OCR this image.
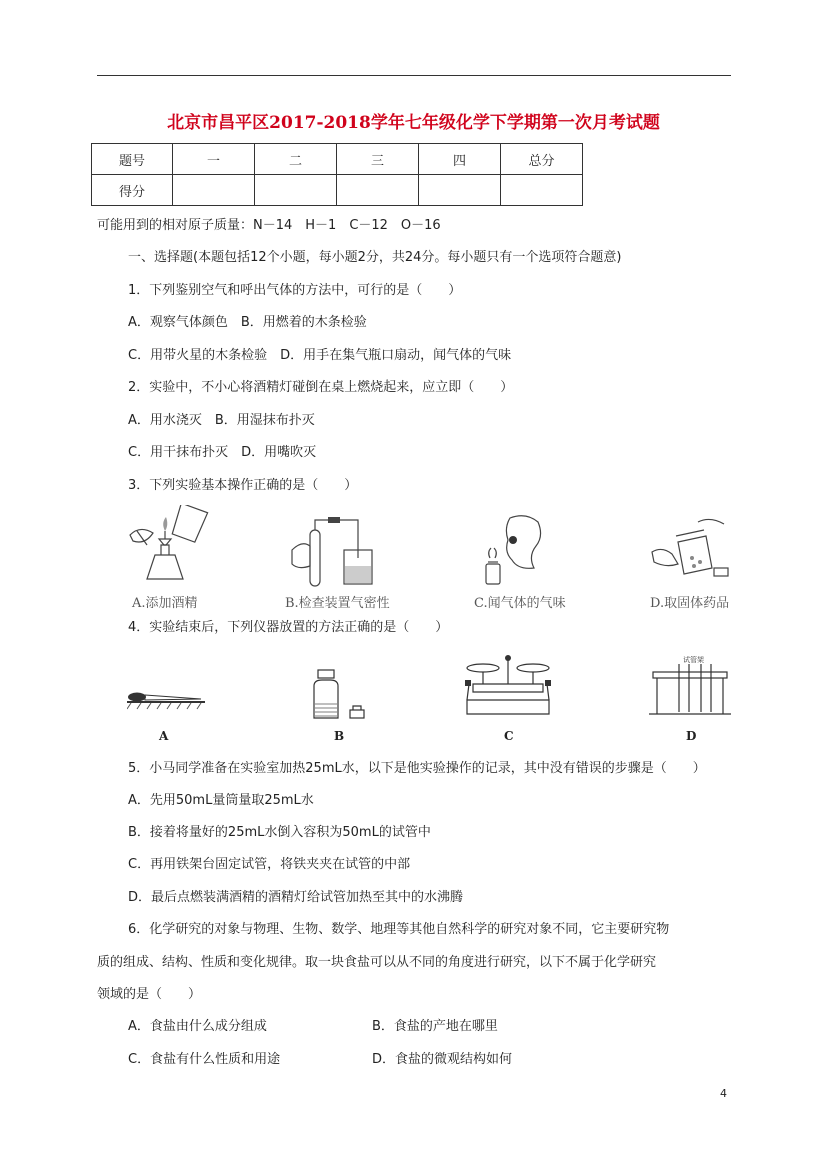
北京市昌平区2017-2018学年七年级化学下学期第一次月考试题
题号	一	二	三	四	总分
得分					
可能用到的相对原子质量：N－14　H－1　C－12　O－16
一、选择题(本题包括12个小题，每小题2分，共24分。每小题只有一个选项符合题意)
1．下列鉴别空气和呼出气体的方法中，可行的是（　　）
A．观察气体颜色　B．用燃着的木条检验
C．用带火星的木条检验　D．用手在集气瓶口扇动，闻气体的气味
2．实验中，不小心将酒精灯碰倒在桌上燃烧起来，应立即（　　）
A．用水浇灭　B．用湿抹布扑灭
C．用干抹布扑灭　D．用嘴吹灭
3．下列实验基本操作正确的是（　　）
A.添加酒精	B.检查装置气密性	C.闻气体的气味	D.取固体药品
4．实验结束后，下列仪器放置的方法正确的是（　　）
试管架
A	B	C	D
5．小马同学准备在实验室加热25mL水，以下是他实验操作的记录，其中没有错误的步骤是（　　）
A．先用50mL量筒量取25mL水
B．接着将量好的25mL水倒入容积为50mL的试管中
C．再用铁架台固定试管，将铁夹夹在试管的中部
D．最后点燃装满酒精的酒精灯给试管加热至其中的水沸腾
6．化学研究的对象与物理、生物、数学、地理等其他自然科学的研究对象不同，它主要研究物
质的组成、结构、性质和变化规律。取一块食盐可以从不同的角度进行研究，以下不属于化学研究
领域的是（　　）
A．食盐由什么成分组成	B．食盐的产地在哪里
C．食盐有什么性质和用途	D．食盐的微观结构如何
4
